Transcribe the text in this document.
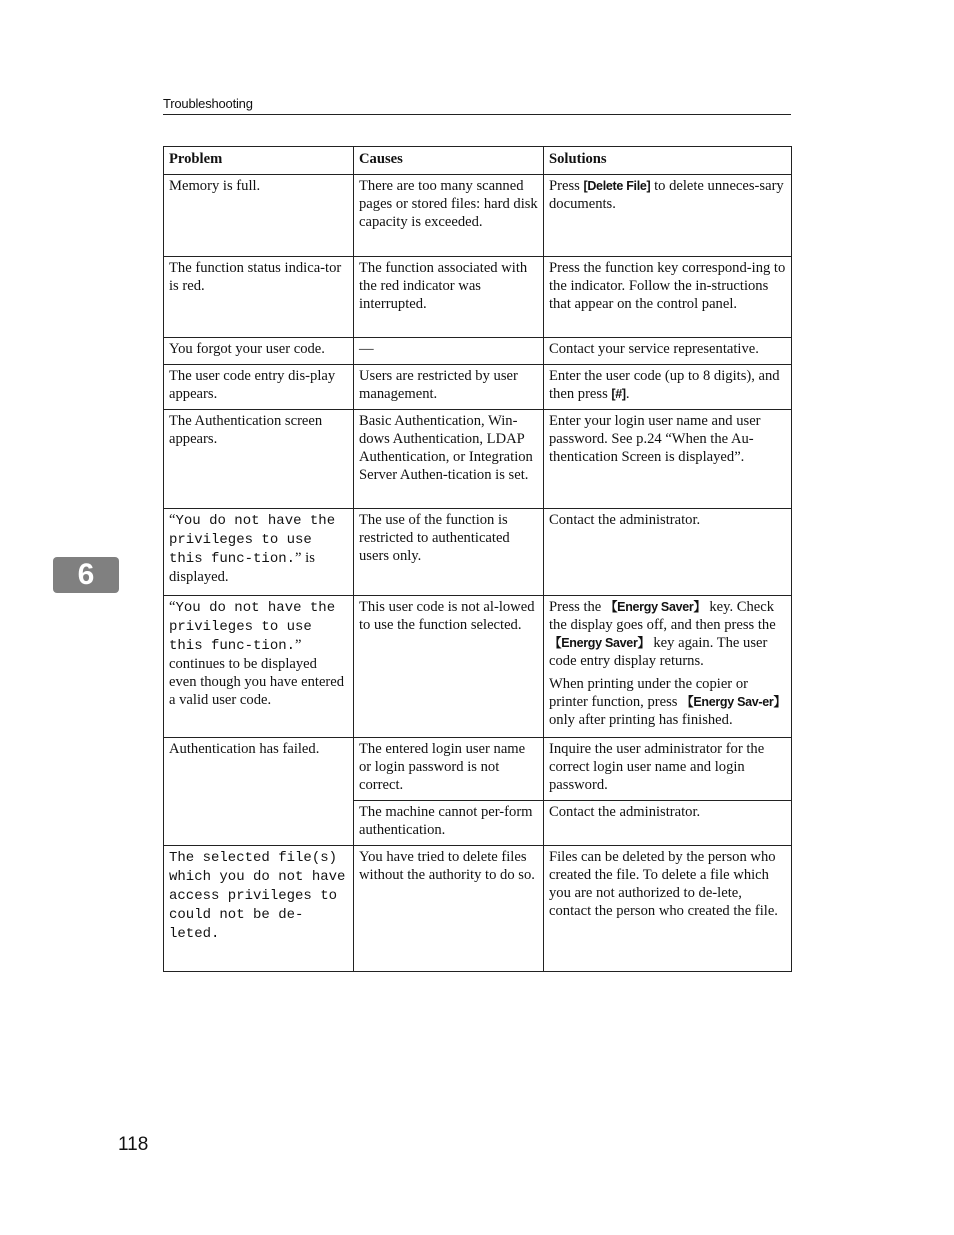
Troubleshooting
6
Problem	Causes	Solutions
Memory is full.	There are too many scanned pages or stored files: hard disk capacity is exceeded.	Press [Delete File] to delete unneces-sary documents.
The function status indica-tor is red.	The function associated with the red indicator was interrupted.	Press the function key correspond-ing to the indicator. Follow the in-structions that appear on the control panel.
You forgot your user code.	—	Contact your service representative.
The user code entry dis-play appears.	Users are restricted by user management.	Enter the user code (up to 8 digits), and then press [#].
The Authentication screen appears.	Basic Authentication, Win-dows Authentication, LDAP Authentication, or Integration Server Authen-tication is set.	Enter your login user name and user password. See p.24 “When the Au-thentication Screen is displayed”.
“You do not have the privileges to use this func-tion.” is displayed.	The use of the function is restricted to authenticated users only.	Contact the administrator.
“You do not have the privileges to use this func-tion.” continues to be displayed even though you have entered a valid user code.	This user code is not al-lowed to use the function selected.	Press the 【Energy Saver】 key. Check the display goes off, and then press the 【Energy Saver】 key again. The user code entry display returns.

When printing under the copier or printer function, press 【Energy Sav-er】 only after printing has finished.

Authentication has failed.	The entered login user name or login password is not correct.	Inquire the user administrator for the correct login user name and login password.
	The machine cannot per-form authentication.	Contact the administrator.
The selected file(s) which you do not have access privileges to could not be de-leted.	You have tried to delete files without the authority to do so.	Files can be deleted by the person who created the file. To delete a file which you are not authorized to de-lete, contact the person who created the file.
118
